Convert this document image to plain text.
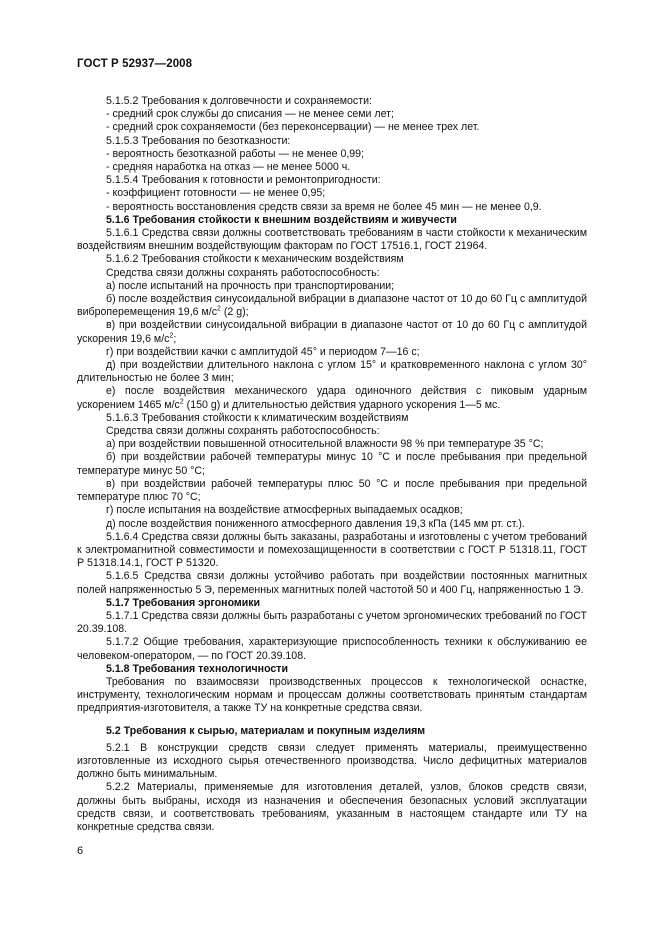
ГОСТ Р 52937—2008

5.1.5.2 Требования к долговечности и сохраняемости:

- средний срок службы до списания — не менее семи лет;

- средний срок сохраняемости (без переконсервации) — не менее трех лет.

5.1.5.3 Требования по безотказности:

- вероятность безотказной работы — не менее 0,99;

- средняя наработка на отказ — не менее 5000 ч.

5.1.5.4 Требования к готовности и ремонтопригодности:

- коэффициент готовности — не менее 0,95;

- вероятность восстановления средств связи за время не более 45 мин — не менее 0,9.

5.1.6 Требования стойкости к внешним воздействиям и живучести

5.1.6.1 Средства связи должны соответствовать требованиям в части стойкости к механическим воздействиям внешним воздействующим факторам по ГОСТ 17516.1, ГОСТ 21964.

5.1.6.2 Требования стойкости к механическим воздействиям

Средства связи должны сохранять работоспособность:

а) после испытаний на прочность при транспортировании;

б) после воздействия синусоидальной вибрации в диапазоне частот от 10 до 60 Гц с амплитудой виброперемещения 19,6 $м/с^2$ (2 g);

в) при воздействии синусоидальной вибрации в диапазоне частот от 10 до 60 Гц с амплитудой ускорения 19,6 $м/с^2$;

г) при воздействии качки с амплитудой 45° и периодом 7—16 с;

д) при воздействии длительного наклона с углом 15° и кратковременного наклона с углом 30° длительностью не более 3 мин;

е) после воздействия механического удара одиночного действия с пиковым ударным ускорением 1465 $м/с^2$ (150 g) и длительностью действия ударного ускорения 1—5 мс.

5.1.6.3 Требования стойкости к климатическим воздействиям

Средства связи должны сохранять работоспособность:

а) при воздействии повышенной относительной влажности 98 % при температуре 35 °С;

б) при воздействии рабочей температуры минус 10 °С и после пребывания при предельной температуре минус 50 °С;

в) при воздействии рабочей температуры плюс 50 °С и после пребывания при предельной температуре плюс 70 °С;

г) после испытания на воздействие атмосферных выпадаемых осадков;

д) после воздействия пониженного атмосферного давления 19,3 кПа (145 мм рт. ст.).

5.1.6.4 Средства связи должны быть заказаны, разработаны и изготовлены с учетом требований к электромагнитной совместимости и помехозащищенности в соответствии с ГОСТ Р 51318.11, ГОСТ Р 51318.14.1, ГОСТ Р 51320.

5.1.6.5 Средства связи должны устойчиво работать при воздействии постоянных магнитных полей напряженностью 5 Э, переменных магнитных полей частотой 50 и 400 Гц, напряженностью 1 Э.

5.1.7 Требования эргономики

5.1.7.1 Средства связи должны быть разработаны с учетом эргономических требований по ГОСТ 20.39.108.

5.1.7.2 Общие требования, характеризующие приспособленность техники к обслуживанию ее человеком-оператором, — по ГОСТ 20.39.108.

5.1.8 Требования технологичности

Требования по взаимосвязи производственных процессов к технологической оснастке, инструменту, технологическим нормам и процессам должны соответствовать принятым стандартам предприятия-изготовителя, а также ТУ на конкретные средства связи.

5.2 Требования к сырью, материалам и покупным изделиям

5.2.1 В конструкции средств связи следует применять материалы, преимущественно изготовленные из исходного сырья отечественного производства. Число дефицитных материалов должно быть минимальным.

5.2.2 Материалы, применяемые для изготовления деталей, узлов, блоков средств связи, должны быть выбраны, исходя из назначения и обеспечения безопасных условий эксплуатации средств связи, и соответствовать требованиям, указанным в настоящем стандарте или ТУ на конкретные средства связи.

6
